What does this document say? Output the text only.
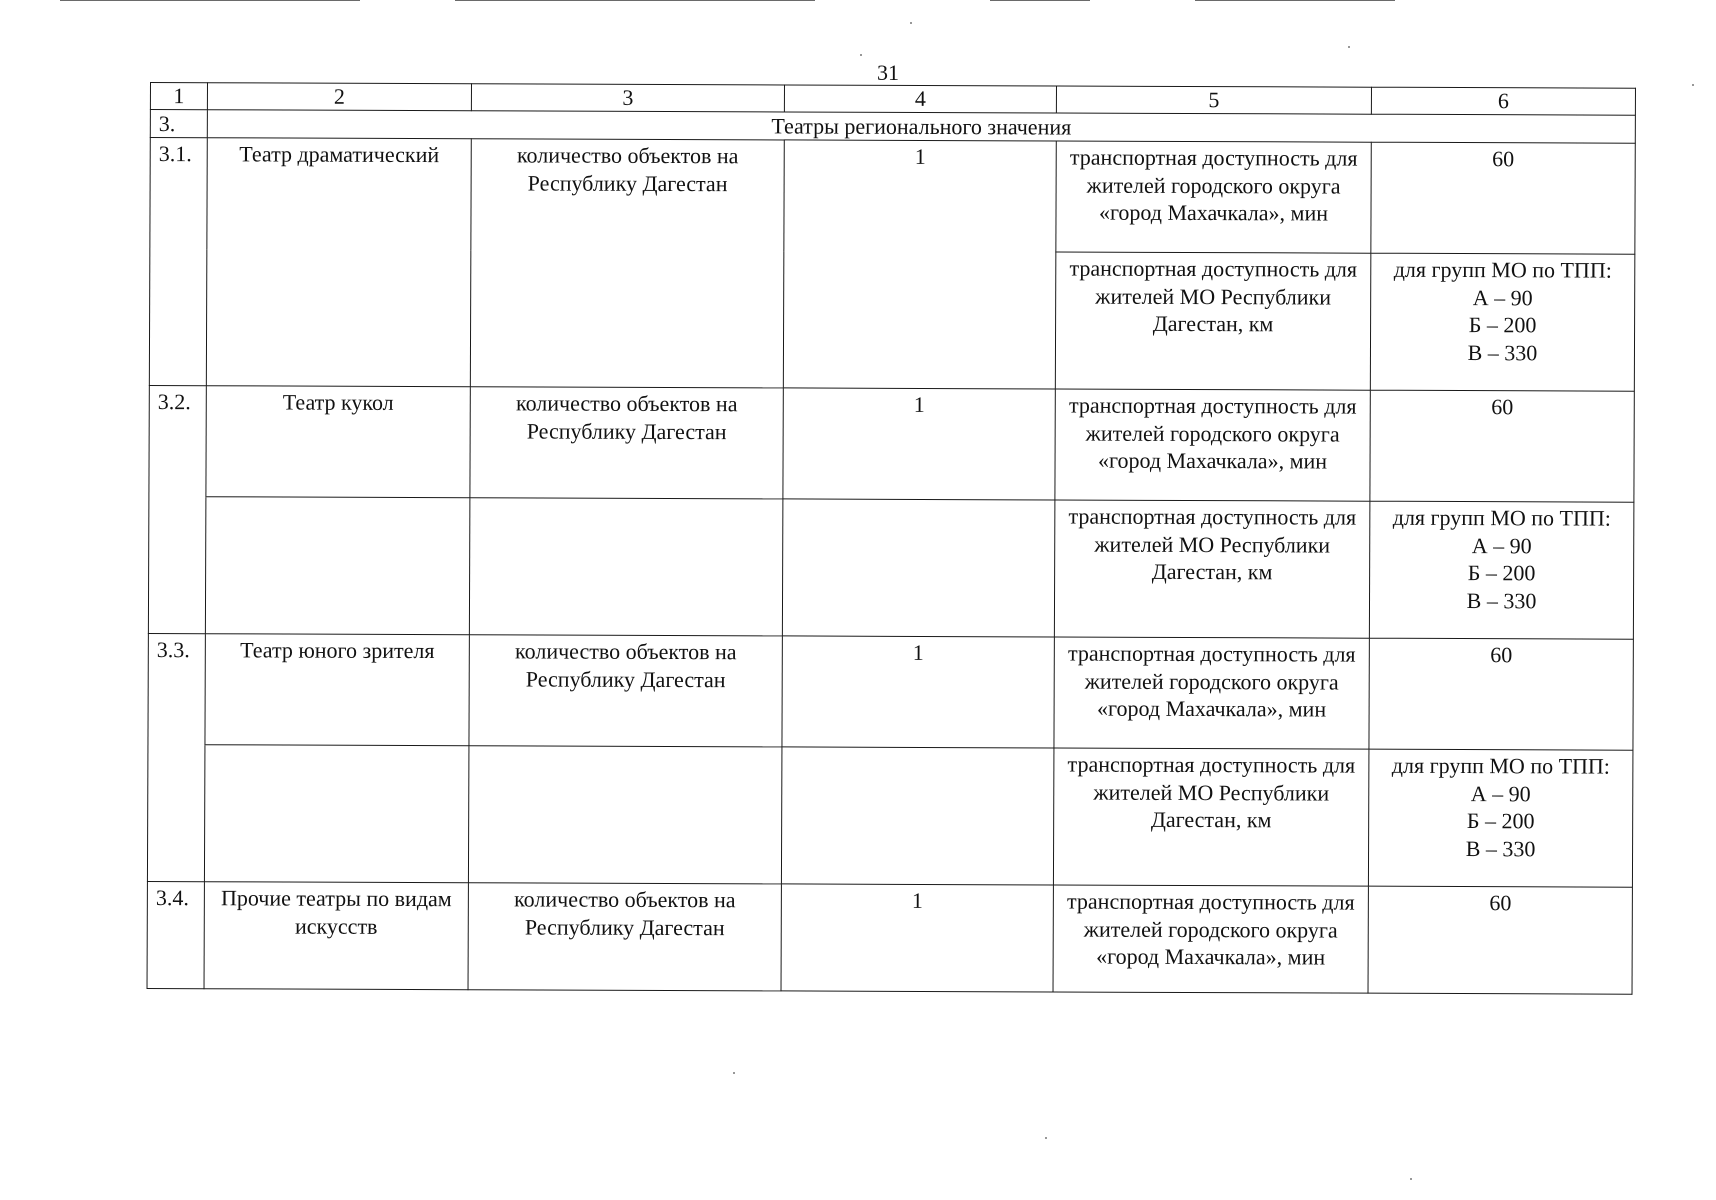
31
1	2	3	4	5	6
3.	Театры регионального значения				

3.1.	Театр драматический	количество объектов на Республику Дагестан	1	транспортная доступность для жителей городского округа «город Махачкала», мин	60

				транспортная доступность для жителей МО Республики Дагестан, км	для групп МО по ТПП:
А – 90
Б – 200
В – 330

3.2.	Театр кукол	количество объектов на Республику Дагестан	1	транспортная доступность для жителей городского округа «город Махачкала», мин	60

				транспортная доступность для жителей МО Республики Дагестан, км	для групп МО по ТПП:
А – 90
Б – 200
В – 330

3.3.	Театр юного зрителя	количество объектов на Республику Дагестан	1	транспортная доступность для жителей городского округа «город Махачкала», мин	60

				транспортная доступность для жителей МО Республики Дагестан, км	для групп МО по ТПП:
А – 90
Б – 200
В – 330

3.4.	Прочие театры по видам искусств	количество объектов на Республику Дагестан	1	транспортная доступность для жителей городского округа «город Махачкала», мин	60
